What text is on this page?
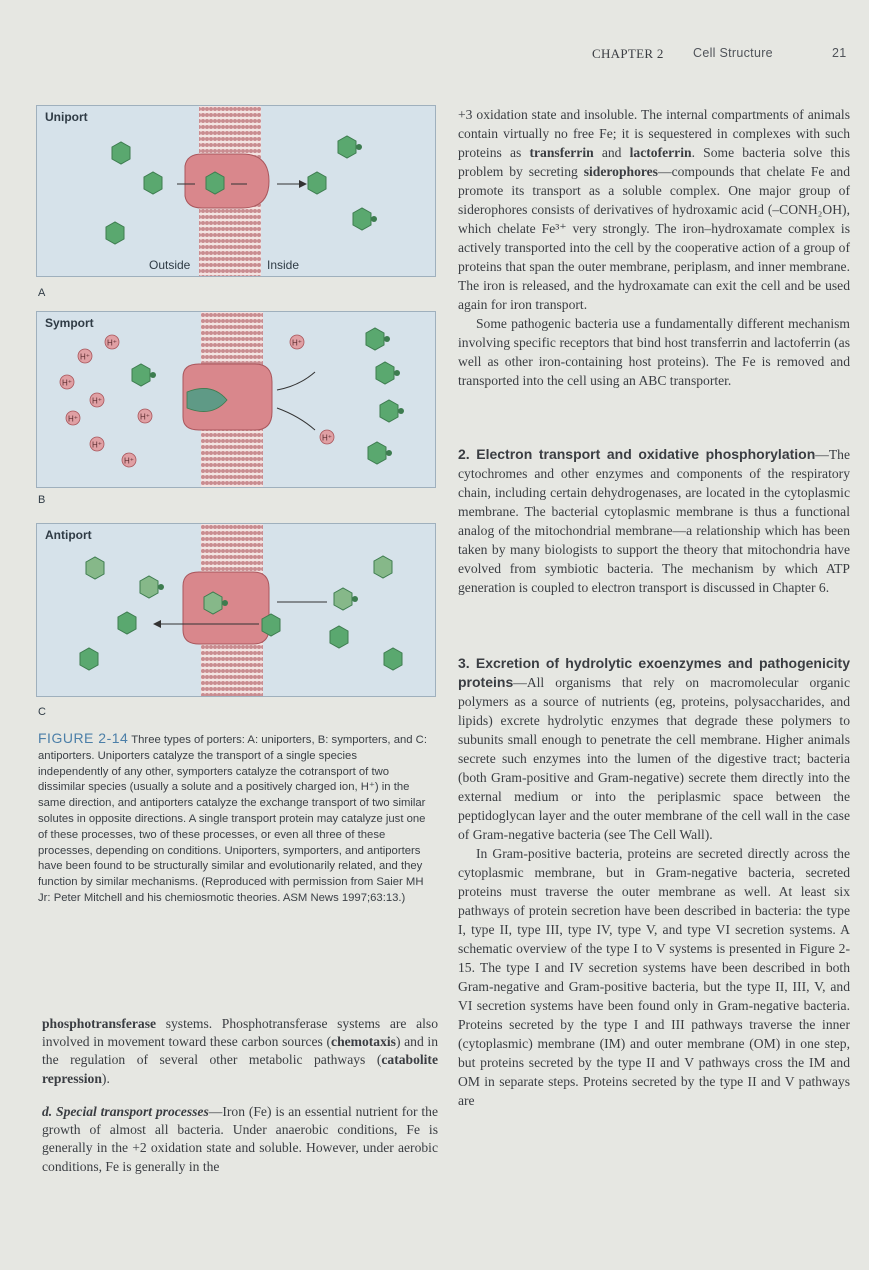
CHAPTER 2 Cell Structure	21
Uniport
Outside	Inside
A
Symport
H⁺
B
Antiport
C
FIGURE 2-14 Three types of porters: A: uniporters, B: symporters, and C: antiporters. Uniporters catalyze the transport of a single species independently of any other, symporters catalyze the cotransport of two dissimilar species (usually a solute and a positively charged ion, H⁺) in the same direction, and antiporters catalyze the exchange transport of two similar solutes in opposite directions. A single transport protein may catalyze just one of these processes, two of these processes, or even all three of these processes, depending on conditions. Uniporters, symporters, and antiporters have been found to be structurally similar and evolutionarily related, and they function by similar mechanisms. (Reproduced with permission from Saier MH Jr: Peter Mitchell and his chemiosmotic theories. ASM News 1997;63:13.)

phosphotransferase systems. Phosphotransferase systems are also involved in movement toward these carbon sources (chemotaxis) and in the regulation of several other metabolic pathways (catabolite repression).

d. Special transport processes—Iron (Fe) is an essential nutrient for the growth of almost all bacteria. Under anaerobic conditions, Fe is generally in the +2 oxidation state and soluble. However, under aerobic conditions, Fe is generally in the

+3 oxidation state and insoluble. The internal compartments of animals contain virtually no free Fe; it is sequestered in complexes with such proteins as transferrin and lactoferrin. Some bacteria solve this problem by secreting siderophores—compounds that chelate Fe and promote its transport as a soluble complex. One major group of siderophores consists of derivatives of hydroxamic acid (–CONH₂OH), which chelate Fe³⁺ very strongly. The iron–hydroxamate complex is actively transported into the cell by the cooperative action of a group of proteins that span the outer membrane, periplasm, and inner membrane. The iron is released, and the hydroxamate can exit the cell and be used again for iron transport.

Some pathogenic bacteria use a fundamentally different mechanism involving specific receptors that bind host transferrin and lactoferrin (as well as other iron-containing host proteins). The Fe is removed and transported into the cell using an ABC transporter.

2. Electron transport and oxidative phosphorylation—The cytochromes and other enzymes and components of the respiratory chain, including certain dehydrogenases, are located in the cytoplasmic membrane. The bacterial cytoplasmic membrane is thus a functional analog of the mitochondrial membrane—a relationship which has been taken by many biologists to support the theory that mitochondria have evolved from symbiotic bacteria. The mechanism by which ATP generation is coupled to electron transport is discussed in Chapter 6.

3. Excretion of hydrolytic exoenzymes and pathogenicity proteins—All organisms that rely on macromolecular organic polymers as a source of nutrients (eg, proteins, polysaccharides, and lipids) excrete hydrolytic enzymes that degrade these polymers to subunits small enough to penetrate the cell membrane. Higher animals secrete such enzymes into the lumen of the digestive tract; bacteria (both Gram-positive and Gram-negative) secrete them directly into the external medium or into the periplasmic space between the peptidoglycan layer and the outer membrane of the cell wall in the case of Gram-negative bacteria (see The Cell Wall).

In Gram-positive bacteria, proteins are secreted directly across the cytoplasmic membrane, but in Gram-negative bacteria, secreted proteins must traverse the outer membrane as well. At least six pathways of protein secretion have been described in bacteria: the type I, type II, type III, type IV, type V, and type VI secretion systems. A schematic overview of the type I to V systems is presented in Figure 2-15. The type I and IV secretion systems have been described in both Gram-negative and Gram-positive bacteria, but the type II, III, V, and VI secretion systems have been found only in Gram-negative bacteria. Proteins secreted by the type I and III pathways traverse the inner (cytoplasmic) membrane (IM) and outer membrane (OM) in one step, but proteins secreted by the type II and V pathways cross the IM and OM in separate steps. Proteins secreted by the type II and V pathways are
